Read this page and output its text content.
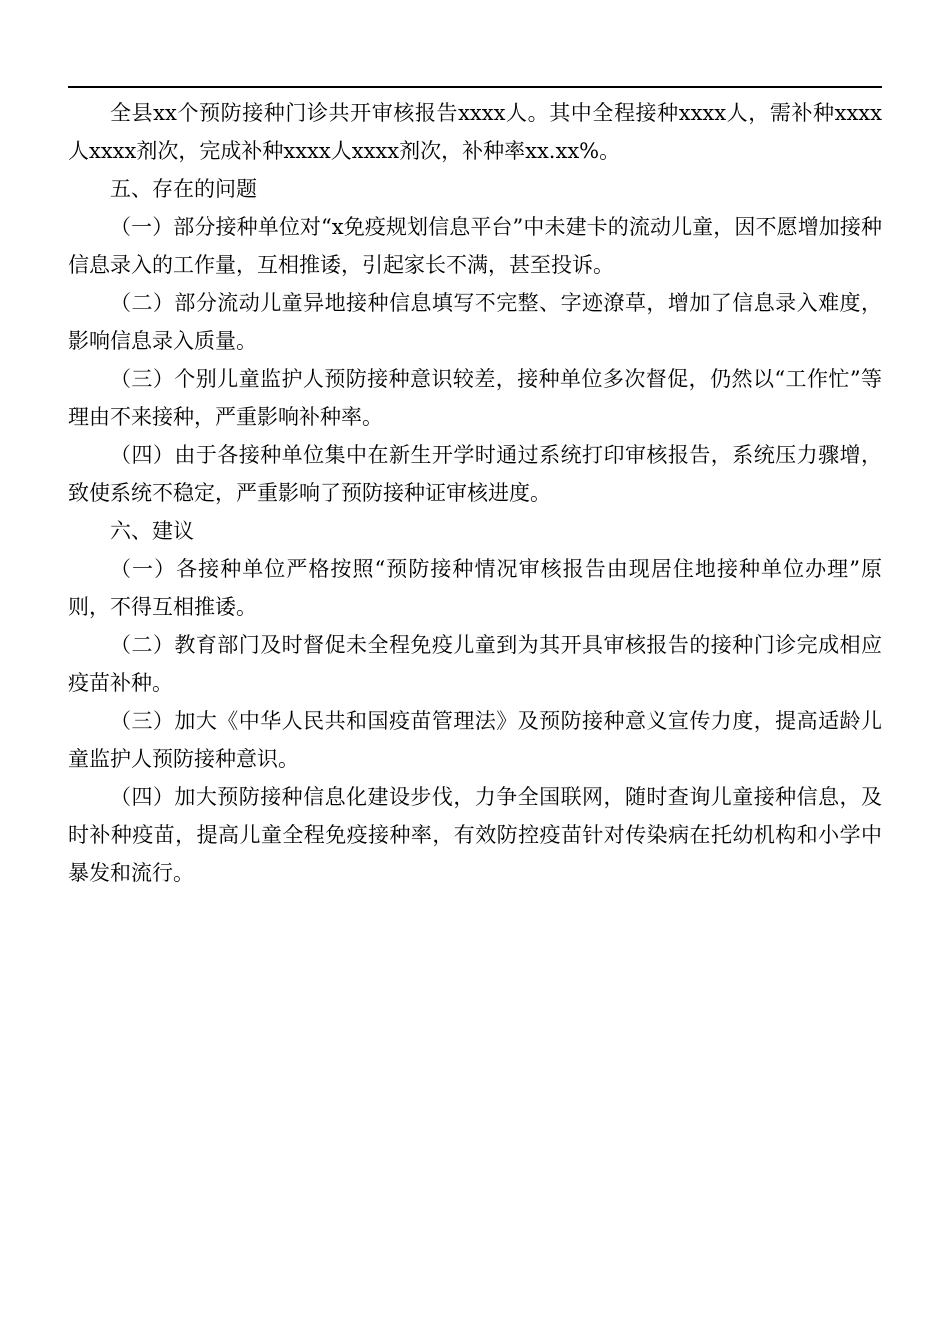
全县xx个预防接种门诊共开审核报告xxxx人。其中全程接种xxxx人，需补种xxxx人xxxx剂次，完成补种xxxx人xxxx剂次，补种率xx.xx%。

五、存在的问题

（一）部分接种单位对“x免疫规划信息平台”中未建卡的流动儿童，因不愿增加接种信息录入的工作量，互相推诿，引起家长不满，甚至投诉。

（二）部分流动儿童异地接种信息填写不完整、字迹潦草，增加了信息录入难度，影响信息录入质量。

（三）个别儿童监护人预防接种意识较差，接种单位多次督促，仍然以“工作忙”等理由不来接种，严重影响补种率。

（四）由于各接种单位集中在新生开学时通过系统打印审核报告，系统压力骤增，致使系统不稳定，严重影响了预防接种证审核进度。

六、建议

（一）各接种单位严格按照“预防接种情况审核报告由现居住地接种单位办理”原则，不得互相推诿。

（二）教育部门及时督促未全程免疫儿童到为其开具审核报告的接种门诊完成相应疫苗补种。

（三）加大《中华人民共和国疫苗管理法》及预防接种意义宣传力度，提高适龄儿童监护人预防接种意识。

（四）加大预防接种信息化建设步伐，力争全国联网，随时查询儿童接种信息，及时补种疫苗，提高儿童全程免疫接种率，有效防控疫苗针对传染病在托幼机构和小学中暴发和流行。
